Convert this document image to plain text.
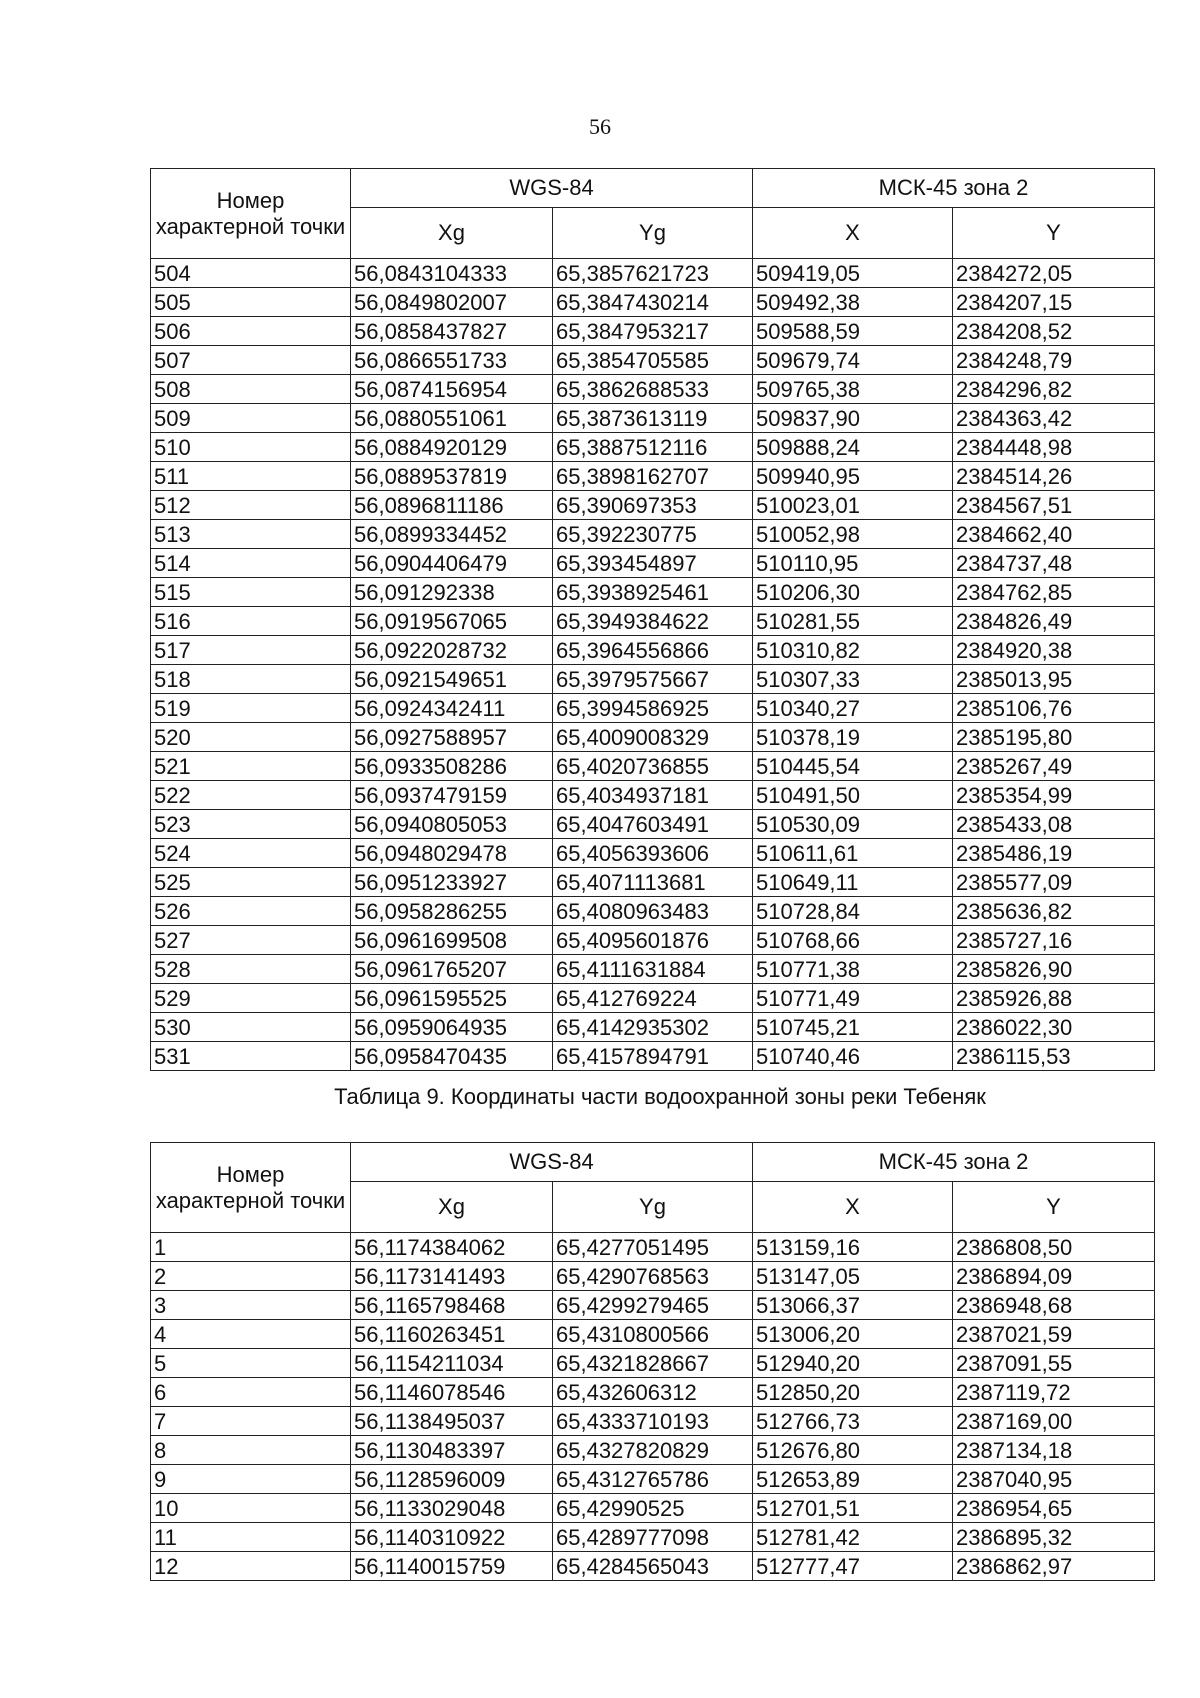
56
Номер характерной точки	WGS-84		МСК-45 зона 2	
	Xg	Yg	X	Y
504	56,0843104333	65,3857621723	509419,05	2384272,05
505	56,0849802007	65,3847430214	509492,38	2384207,15
506	56,0858437827	65,3847953217	509588,59	2384208,52
507	56,0866551733	65,3854705585	509679,74	2384248,79
508	56,0874156954	65,3862688533	509765,38	2384296,82
509	56,0880551061	65,3873613119	509837,90	2384363,42
510	56,0884920129	65,3887512116	509888,24	2384448,98
511	56,0889537819	65,3898162707	509940,95	2384514,26
512	56,0896811186	65,390697353	510023,01	2384567,51
513	56,0899334452	65,392230775	510052,98	2384662,40
514	56,0904406479	65,393454897	510110,95	2384737,48
515	56,091292338	65,3938925461	510206,30	2384762,85
516	56,0919567065	65,3949384622	510281,55	2384826,49
517	56,0922028732	65,3964556866	510310,82	2384920,38
518	56,0921549651	65,3979575667	510307,33	2385013,95
519	56,0924342411	65,3994586925	510340,27	2385106,76
520	56,0927588957	65,4009008329	510378,19	2385195,80
521	56,0933508286	65,4020736855	510445,54	2385267,49
522	56,0937479159	65,4034937181	510491,50	2385354,99
523	56,0940805053	65,4047603491	510530,09	2385433,08
524	56,0948029478	65,4056393606	510611,61	2385486,19
525	56,0951233927	65,4071113681	510649,11	2385577,09
526	56,0958286255	65,4080963483	510728,84	2385636,82
527	56,0961699508	65,4095601876	510768,66	2385727,16
528	56,0961765207	65,4111631884	510771,38	2385826,90
529	56,0961595525	65,412769224	510771,49	2385926,88
530	56,0959064935	65,4142935302	510745,21	2386022,30
531	56,0958470435	65,4157894791	510740,46	2386115,53
Таблица 9. Координаты части водоохранной зоны реки Тебеняк
Номер характерной точки	WGS-84		МСК-45 зона 2	
	Xg	Yg	X	Y
1	56,1174384062	65,4277051495	513159,16	2386808,50
2	56,1173141493	65,4290768563	513147,05	2386894,09
3	56,1165798468	65,4299279465	513066,37	2386948,68
4	56,1160263451	65,4310800566	513006,20	2387021,59
5	56,1154211034	65,4321828667	512940,20	2387091,55
6	56,1146078546	65,432606312	512850,20	2387119,72
7	56,1138495037	65,4333710193	512766,73	2387169,00
8	56,1130483397	65,4327820829	512676,80	2387134,18
9	56,1128596009	65,4312765786	512653,89	2387040,95
10	56,1133029048	65,42990525	512701,51	2386954,65
11	56,1140310922	65,4289777098	512781,42	2386895,32
12	56,1140015759	65,4284565043	512777,47	2386862,97
